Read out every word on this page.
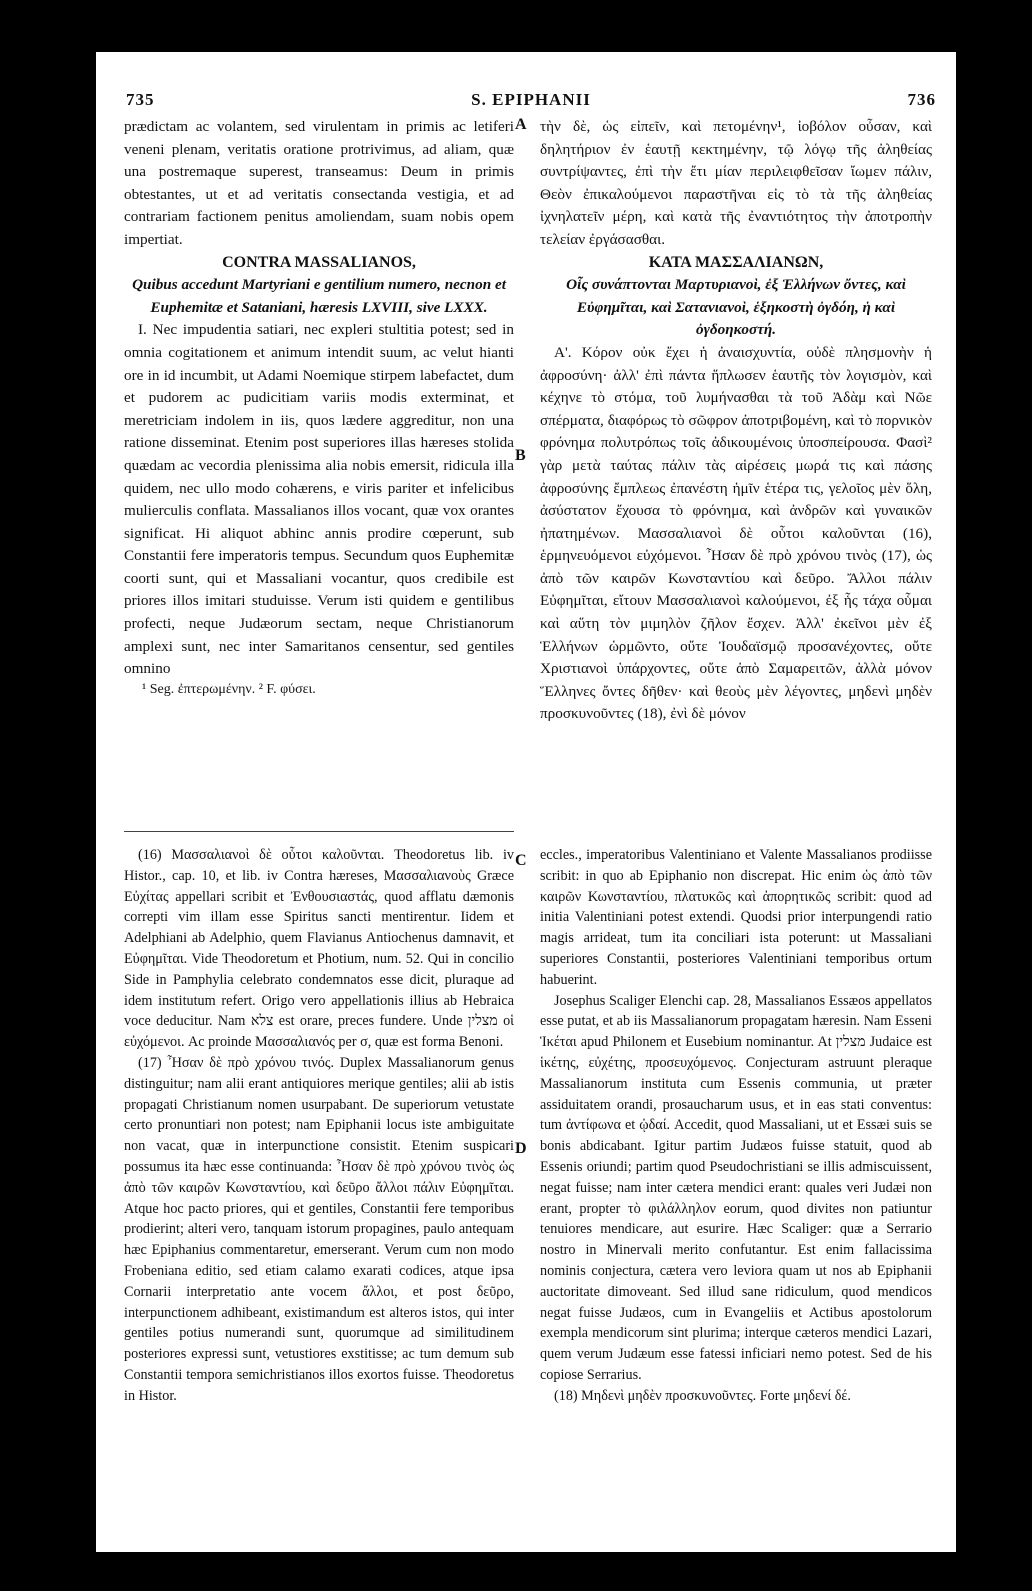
735	S. EPIPHANII	736

prædictam ac volantem, sed virulentam in primis ac letiferi veneni plenam, veritatis oratione protrivimus, ad aliam, quæ una postremaque superest, transeamus: Deum in primis obtestantes, ut et ad veritatis consectanda vestigia, et ad contrariam factionem penitus amoliendam, suam nobis opem impertiat.

CONTRA MASSALIANOS,

Quibus accedunt Martyriani e gentilium numero, necnon et Euphemitæ et Sataniani, hæresis LXVIII, sive LXXX.

I. Nec impudentia satiari, nec expleri stultitia potest; sed in omnia cogitationem et animum intendit suum, ac velut hianti ore in id incumbit, ut Adami Noemique stirpem labefactet, dum et pudorem ac pudicitiam variis modis exterminat, et meretriciam indolem in iis, quos lædere aggreditur, non una ratione disseminat. Etenim post superiores illas hæreses stolida quædam ac vecordia plenissima alia nobis emersit, ridicula illa quidem, nec ullo modo cohærens, e viris pariter et infelicibus mulierculis conflata. Massalianos illos vocant, quæ vox orantes significat. Hi aliquot abhinc annis prodire cœperunt, sub Constantii fere imperatoris tempus. Secundum quos Euphemitæ coorti sunt, qui et Massaliani vocantur, quos credibile est priores illos imitari studuisse. Verum isti quidem e gentilibus profecti, neque Judæorum sectam, neque Christianorum amplexi sunt, nec inter Samaritanos censentur, sed gentiles omnino

¹ Seg. ἐπτερωμένην. ² F. φύσει.

τὴν δὲ, ὡς εἰπεῖν, καὶ πετομένην¹, ἰοβόλον οὖσαν, καὶ δηλητήριον ἐν ἑαυτῇ κεκτημένην, τῷ λόγῳ τῆς ἀληθείας συντρίψαντες, ἐπὶ τὴν ἔτι μίαν περιλειφθεῖσαν ἴωμεν πάλιν, Θεὸν ἐπικαλούμενοι παραστῆναι εἰς τὸ τὰ τῆς ἀληθείας ἰχνηλατεῖν μέρη, καὶ κατὰ τῆς ἐναντιότητος τὴν ἀποτροπὴν τελείαν ἐργάσασθαι.

ΚΑΤΑ ΜΑΣΣΑΛΙΑΝΩΝ,

Οἷς συνάπτονται Μαρτυριανοὶ, ἐξ Ἑλλήνων ὄντες, καὶ Εὐφημῖται, καὶ Σατανιανοὶ, ἑξηκοστὴ ὀγδόη, ἡ καὶ ὀγδοηκοστή.

Α'. Κόρον οὐκ ἔχει ἡ ἀναισχυντία, οὐδὲ πλησμονὴν ἡ ἀφροσύνη· ἀλλ' ἐπὶ πάντα ἥπλωσεν ἑαυτῆς τὸν λογισμὸν, καὶ κέχηνε τὸ στόμα, τοῦ λυμήνασθαι τὰ τοῦ Ἀδὰμ καὶ Νῶε σπέρματα, διαφόρως τὸ σῶφρον ἀποτριβομένη, καὶ τὸ πορνικὸν φρόνημα πολυτρόπως τοῖς ἀδικουμένοις ὑποσπείρουσα. Φασὶ² γὰρ μετὰ ταύτας πάλιν τὰς αἱρέσεις μωρά τις καὶ πάσης ἀφροσύνης ἔμπλεως ἐπανέστη ἡμῖν ἑτέρα τις, γελοῖος μὲν ὅλη, ἀσύστατον ἔχουσα τὸ φρόνημα, καὶ ἀνδρῶν καὶ γυναικῶν ἠπατημένων. Μασσαλιανοὶ δὲ οὗτοι καλοῦνται (16), ἑρμηνευόμενοι εὐχόμενοι. Ἦσαν δὲ πρὸ χρόνου τινὸς (17), ὡς ἀπὸ τῶν καιρῶν Κωνσταντίου καὶ δεῦρο. Ἄλλοι πάλιν Εὐφημῖται, εἴτουν Μασσαλιανοὶ καλούμενοι, ἐξ ἧς τάχα οὗμαι καὶ αὕτη τὸν μιμηλὸν ζῆλον ἔσχεν. Ἀλλ' ἐκεῖνοι μὲν ἐξ Ἑλλήνων ὡρμῶντο, οὔτε Ἰουδαϊσμῷ προσανέχοντες, οὔτε Χριστιανοὶ ὑπάρχοντες, οὔτε ἀπὸ Σαμαρειτῶν, ἀλλὰ μόνον Ἕλληνες ὄντες δῆθεν· καὶ θεοὺς μὲν λέγοντες, μηδενὶ μηδὲν προσκυνοῦντες (18), ἐνὶ δὲ μόνον

A
B
C
D

(16) Μασσαλιανοὶ δὲ οὗτοι καλοῦνται. Theodoretus lib. iv Histor., cap. 10, et lib. iv Contra hæreses, Μασσαλιανοὺς Græce Εὐχίτας appellari scribit et Ἐνθουσιαστάς, quod afflatu dæmonis correpti vim illam esse Spiritus sancti mentirentur. Iidem et Adelphiani ab Adelphio, quem Flavianus Antiochenus damnavit, et Εὐφημῖται. Vide Theodoretum et Photium, num. 52. Qui in concilio Side in Pamphylia celebrato condemnatos esse dicit, pluraque ad idem institutum refert. Origo vero appellationis illius ab Hebraica voce deducitur. Nam צלא est orare, preces fundere. Unde מצלין οἱ εὐχόμενοι. Ac proinde Μασσαλιανός per σ, quæ est forma Benoni.

(17) Ἦσαν δὲ πρὸ χρόνου τινός. Duplex Massalianorum genus distinguitur; nam alii erant antiquiores merique gentiles; alii ab istis propagati Christianum nomen usurpabant. De superiorum vetustate certo pronuntiari non potest; nam Epiphanii locus iste ambiguitate non vacat, quæ in interpunctione consistit. Etenim suspicari possumus ita hæc esse continuanda: Ἦσαν δὲ πρὸ χρόνου τινὸς ὡς ἀπὸ τῶν καιρῶν Κωνσταντίου, καὶ δεῦρο ἄλλοι πάλιν Εὐφημῖται. Atque hoc pacto priores, qui et gentiles, Constantii fere temporibus prodierint; alteri vero, tanquam istorum propagines, paulo antequam hæc Epiphanius commentaretur, emerserant. Verum cum non modo Frobeniana editio, sed etiam calamo exarati codices, atque ipsa Cornarii interpretatio ante vocem ἄλλοι, et post δεῦρο, interpunctionem adhibeant, existimandum est alteros istos, qui inter gentiles potius numerandi sunt, quorumque ad similitudinem posteriores expressi sunt, vetustiores exstitisse; ac tum demum sub Constantii tempora semichristianos illos exortos fuisse. Theodoretus in Histor.

eccles., imperatoribus Valentiniano et Valente Massalianos prodiisse scribit: in quo ab Epiphanio non discrepat. Hic enim ὡς ἀπὸ τῶν καιρῶν Κωνσταντίου, πλατυκῶς καὶ ἀπορητικῶς scribit: quod ad initia Valentiniani potest extendi. Quodsi prior interpungendi ratio magis arrideat, tum ita conciliari ista poterunt: ut Massaliani superiores Constantii, posteriores Valentiniani temporibus ortum habuerint.

Josephus Scaliger Elenchi cap. 28, Massalianos Essæos appellatos esse putat, et ab iis Massalianorum propagatam hæresin. Nam Esseni Ἱκέται apud Philonem et Eusebium nominantur. At מצלין Judaice est ἱκέτης, εὐχέτης, προσευχόμενος. Conjecturam astruunt pleraque Massalianorum instituta cum Essenis communia, ut præter assiduitatem orandi, prosaucharum usus, et in eas stati conventus: tum ἀντίφωνα et ᾠδαί. Accedit, quod Massaliani, ut et Essæi suis se bonis abdicabant. Igitur partim Judæos fuisse statuit, quod ab Essenis oriundi; partim quod Pseudochristiani se illis admiscuissent, negat fuisse; nam inter cætera mendici erant: quales veri Judæi non erant, propter τὸ φιλάλληλον eorum, quod divites non patiuntur tenuiores mendicare, aut esurire. Hæc Scaliger: quæ a Serrario nostro in Minervali merito confutantur. Est enim fallacissima nominis conjectura, cætera vero leviora quam ut nos ab Epiphanii auctoritate dimoveant. Sed illud sane ridiculum, quod mendicos negat fuisse Judæos, cum in Evangeliis et Actibus apostolorum exempla mendicorum sint plurima; interque cæteros mendici Lazari, quem verum Judæum esse fatessi inficiari nemo potest. Sed de his copiose Serrarius.

(18) Μηδενὶ μηδὲν προσκυνοῦντες. Forte μηδενί δέ.
